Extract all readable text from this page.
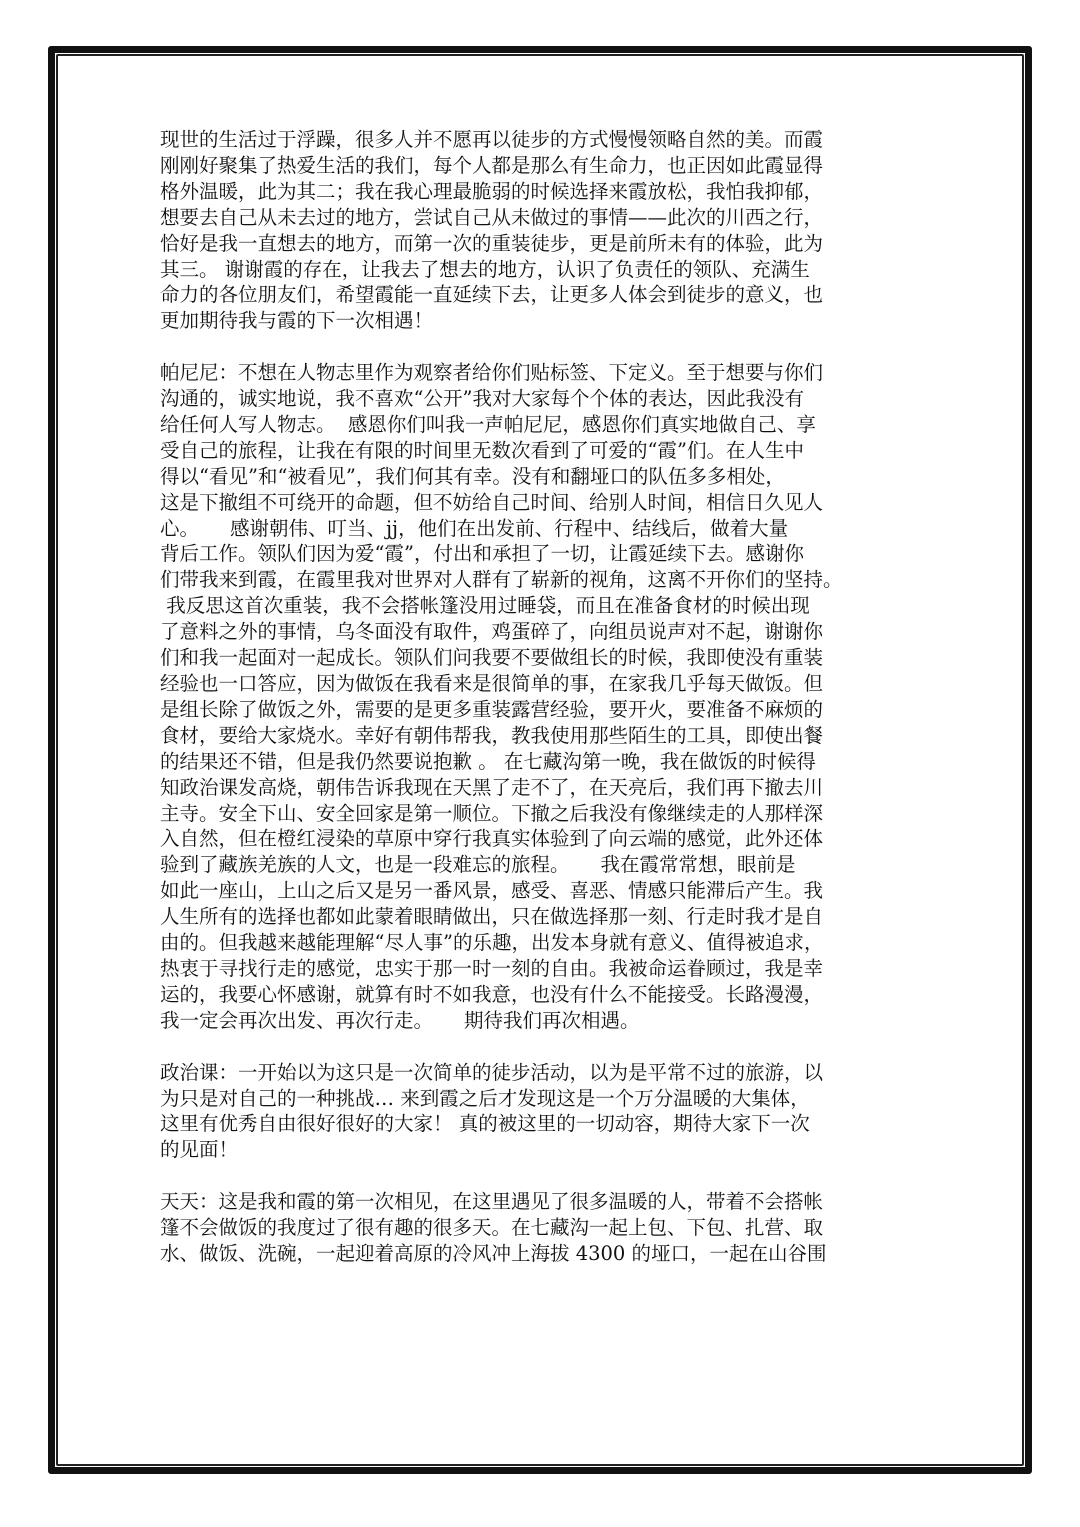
现世的生活过于浮躁，很多人并不愿再以徒步的方式慢慢领略自然的美。而霞
刚刚好聚集了热爱生活的我们，每个人都是那么有生命力，也正因如此霞显得
格外温暖，此为其二；我在我心理最脆弱的时候选择来霞放松，我怕我抑郁，
想要去自己从未去过的地方，尝试自己从未做过的事情——此次的川西之行，
恰好是我一直想去的地方，而第一次的重装徒步，更是前所未有的体验，此为
其三。 谢谢霞的存在，让我去了想去的地方，认识了负责任的领队、充满生
命力的各位朋友们，希望霞能一直延续下去，让更多人体会到徒步的意义，也
更加期待我与霞的下一次相遇！
帕尼尼：不想在人物志里作为观察者给你们贴标签、下定义。至于想要与你们
沟通的，诚实地说，我不喜欢“公开”我对大家每个个体的表达，因此我没有
给任何人写人物志。  感恩你们叫我一声帕尼尼，感恩你们真实地做自己、享
受自己的旅程，让我在有限的时间里无数次看到了可爱的“霞”们。在人生中
得以“看见”和“被看见”，我们何其有幸。没有和翻垭口的队伍多多相处，
这是下撤组不可绕开的命题，但不妨给自己时间、给别人时间，相信日久见人
心。     感谢朝伟、叮当、jj，他们在出发前、行程中、结线后，做着大量
背后工作。领队们因为爱“霞”，付出和承担了一切，让霞延续下去。感谢你
们带我来到霞，在霞里我对世界对人群有了崭新的视角，这离不开你们的坚持。
我反思这首次重装，我不会搭帐篷没用过睡袋，而且在准备食材的时候出现
了意料之外的事情，乌冬面没有取件，鸡蛋碎了，向组员说声对不起，谢谢你
们和我一起面对一起成长。领队们问我要不要做组长的时候，我即使没有重装
经验也一口答应，因为做饭在我看来是很简单的事，在家我几乎每天做饭。但
是组长除了做饭之外，需要的是更多重装露营经验，要开火，要准备不麻烦的
食材，要给大家烧水。幸好有朝伟帮我，教我使用那些陌生的工具，即使出餐
的结果还不错，但是我仍然要说抱歉 。 在七藏沟第一晚，我在做饭的时候得
知政治课发高烧，朝伟告诉我现在天黑了走不了，在天亮后，我们再下撤去川
主寺。安全下山、安全回家是第一顺位。下撤之后我没有像继续走的人那样深
入自然，但在橙红浸染的草原中穿行我真实体验到了向云端的感觉，此外还体
验到了藏族羌族的人文，也是一段难忘的旅程。     我在霞常常想，眼前是
如此一座山，上山之后又是另一番风景，感受、喜恶、情感只能滞后产生。我
人生所有的选择也都如此蒙着眼睛做出，只在做选择那一刻、行走时我才是自
由的。但我越来越能理解“尽人事”的乐趣，出发本身就有意义、值得被追求，
热衷于寻找行走的感觉，忠实于那一时一刻的自由。我被命运眷顾过，我是幸
运的，我要心怀感谢，就算有时不如我意，也没有什么不能接受。长路漫漫，
我一定会再次出发、再次行走。     期待我们再次相遇。
政治课：一开始以为这只是一次简单的徒步活动，以为是平常不过的旅游，以
为只是对自己的一种挑战… 来到霞之后才发现这是一个万分温暖的大集体，
这里有优秀自由很好很好的大家！ 真的被这里的一切动容，期待大家下一次
的见面！
天天：这是我和霞的第一次相见，在这里遇见了很多温暖的人，带着不会搭帐
篷不会做饭的我度过了很有趣的很多天。在七藏沟一起上包、下包、扎营、取
水、做饭、洗碗，一起迎着高原的冷风冲上海拔 4300 的垭口，一起在山谷围
